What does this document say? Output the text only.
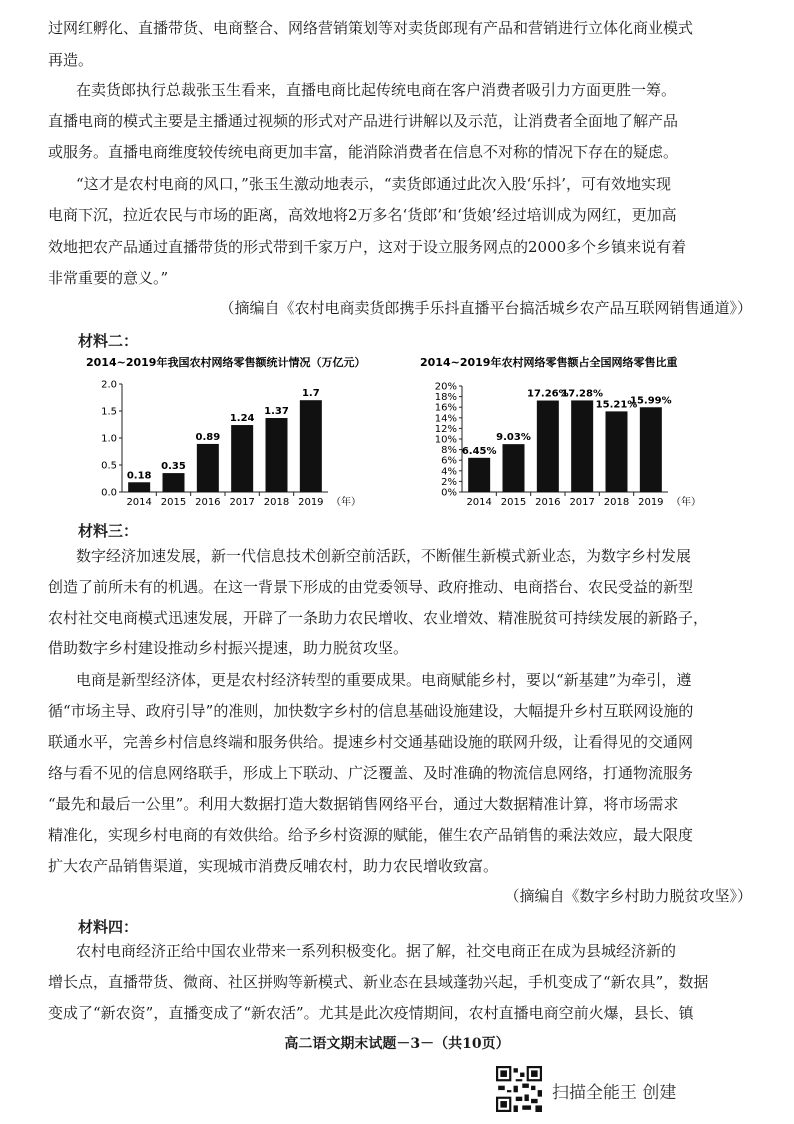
过网红孵化、直播带货、电商整合、网络营销策划等对卖货郎现有产品和营销进行立体化商业模式
再造。
在卖货郎执行总裁张玉生看来，直播电商比起传统电商在客户消费者吸引力方面更胜一筹。
直播电商的模式主要是主播通过视频的形式对产品进行讲解以及示范，让消费者全面地了解产品
或服务。直播电商维度较传统电商更加丰富，能消除消费者在信息不对称的情况下存在的疑虑。
“这才是农村电商的风口，”张玉生激动地表示，“卖货郎通过此次入股‘乐抖’，可有效地实现
电商下沉，拉近农民与市场的距离，高效地将2万多名‘货郎’和‘货娘’经过培训成为网红，更加高
效地把农产品通过直播带货的形式带到千家万户，这对于设立服务网点的2000多个乡镇来说有着
非常重要的意义。”
（摘编自《农村电商卖货郎携手乐抖直播平台搞活城乡农产品互联网销售通道》）
材料二：
2014~2019年我国农村网络零售额统计情况（万亿元）
2.0
1.5
1.0
0.5
0.0
0.18
2014
0.35
2015
0.89
2016
1.24
2017
1.37
2018
1.7
2019 （年）
2014~2019年农村网络零售额占全国网络零售比重
20%
18%
16%
14%
12%
10%
8%
6%
4%
2%
0%
6.45%
2014
9.03%
2015
17.26%
2016
17.28%
2017
15.21%
2018
15.99%
2019 （年）
材料三：
数字经济加速发展，新一代信息技术创新空前活跃，不断催生新模式新业态，为数字乡村发展
创造了前所未有的机遇。在这一背景下形成的由党委领导、政府推动、电商搭台、农民受益的新型
农村社交电商模式迅速发展，开辟了一条助力农民增收、农业增效、精准脱贫可持续发展的新路子，
借助数字乡村建设推动乡村振兴提速，助力脱贫攻坚。
电商是新型经济体，更是农村经济转型的重要成果。电商赋能乡村，要以“新基建”为牵引，遵
循“市场主导、政府引导”的准则，加快数字乡村的信息基础设施建设，大幅提升乡村互联网设施的
联通水平，完善乡村信息终端和服务供给。提速乡村交通基础设施的联网升级，让看得见的交通网
络与看不见的信息网络联手，形成上下联动、广泛覆盖、及时准确的物流信息网络，打通物流服务
“最先和最后一公里”。利用大数据打造大数据销售网络平台，通过大数据精准计算，将市场需求
精准化，实现乡村电商的有效供给。给予乡村资源的赋能，催生农产品销售的乘法效应，最大限度
扩大农产品销售渠道，实现城市消费反哺农村，助力农民增收致富。
（摘编自《数字乡村助力脱贫攻坚》）
材料四：
农村电商经济正给中国农业带来一系列积极变化。据了解，社交电商正在成为县城经济新的
增长点，直播带货、微商、社区拼购等新模式、新业态在县域蓬勃兴起，手机变成了“新农具”，数据
变成了“新农资”，直播变成了“新农活”。尤其是此次疫情期间，农村直播电商空前火爆，县长、镇
高二语文期末试题－3－（共10页）
扫描全能王 创建
